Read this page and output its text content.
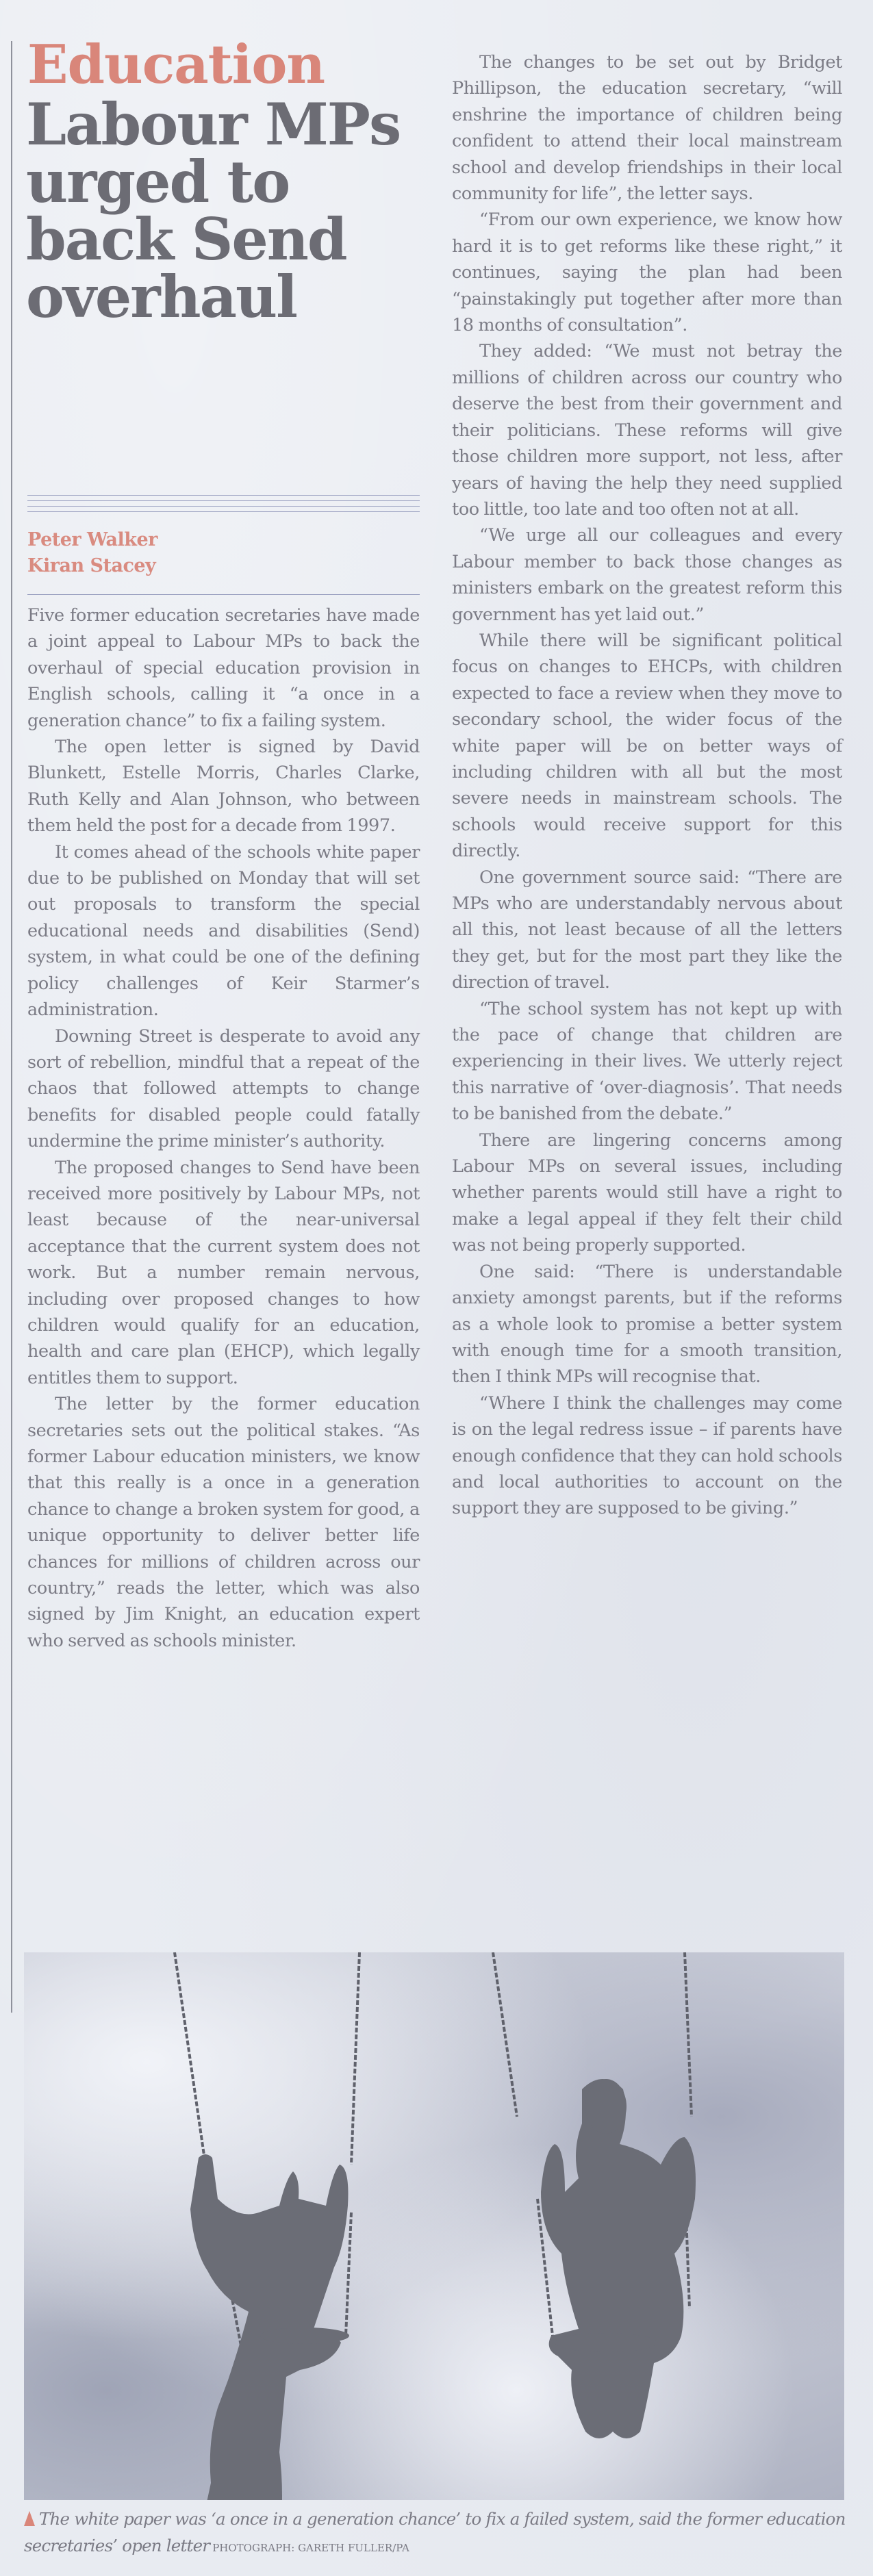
Education
Labour MPs urged to back Send overhaul
Peter Walker
Kiran Stacey

Five former education secretaries have made a joint appeal to Labour MPs to back the overhaul of special education provision in English schools, calling it “a once in a generation chance” to fix a failing system.

The open letter is signed by David Blunkett, Estelle Morris, Charles Clarke, Ruth Kelly and Alan Johnson, who between them held the post for a decade from 1997.

It comes ahead of the schools white paper due to be published on Monday that will set out proposals to transform the special educational needs and disabilities (Send) system, in what could be one of the defining policy challenges of Keir Starmer’s administration.

Downing Street is desperate to avoid any sort of rebellion, mindful that a repeat of the chaos that followed attempts to change benefits for disabled people could fatally undermine the prime minister’s authority.

The proposed changes to Send have been received more positively by Labour MPs, not least because of the near-universal acceptance that the current system does not work. But a number remain nervous, including over proposed changes to how children would qualify for an education, health and care plan (EHCP), which legally entitles them to support.

The letter by the former education secretaries sets out the political stakes. “As former Labour education ministers, we know that this really is a once in a generation chance to change a broken system for good, a unique opportunity to deliver better life chances for millions of children across our country,” reads the letter, which was also signed by Jim Knight, an education expert who served as schools minister.

The changes to be set out by Bridget Phillipson, the education secretary, “will enshrine the importance of children being confident to attend their local mainstream school and develop friendships in their local community for life”, the letter says.

“From our own experience, we know how hard it is to get reforms like these right,” it continues, saying the plan had been “painstakingly put together after more than 18 months of consultation”.

They added: “We must not betray the millions of children across our country who deserve the best from their government and their politicians. These reforms will give those children more support, not less, after years of having the help they need supplied too little, too late and too often not at all.

“We urge all our colleagues and every Labour member to back those changes as ministers embark on the greatest reform this government has yet laid out.”

While there will be significant political focus on changes to EHCPs, with children expected to face a review when they move to secondary school, the wider focus of the white paper will be on better ways of including children with all but the most severe needs in mainstream schools. The schools would receive support for this directly.

One government source said: “There are MPs who are understandably nervous about all this, not least because of all the letters they get, but for the most part they like the direction of travel.

“The school system has not kept up with the pace of change that children are experiencing in their lives. We utterly reject this narrative of ‘over-diagnosis’. That needs to be banished from the debate.”

There are lingering concerns among Labour MPs on several issues, including whether parents would still have a right to make a legal appeal if they felt their child was not being properly supported.

One said: “There is understandable anxiety amongst parents, but if the reforms as a whole look to promise a better system with enough time for a smooth transition, then I think MPs will recognise that.

“Where I think the challenges may come is on the legal redress issue – if parents have enough confidence that they can hold schools and local authorities to account on the support they are supposed to be giving.”

The white paper was ‘a once in a generation chance’ to fix a failed system, said the former education secretaries’ open letter PHOTOGRAPH: GARETH FULLER/PA
